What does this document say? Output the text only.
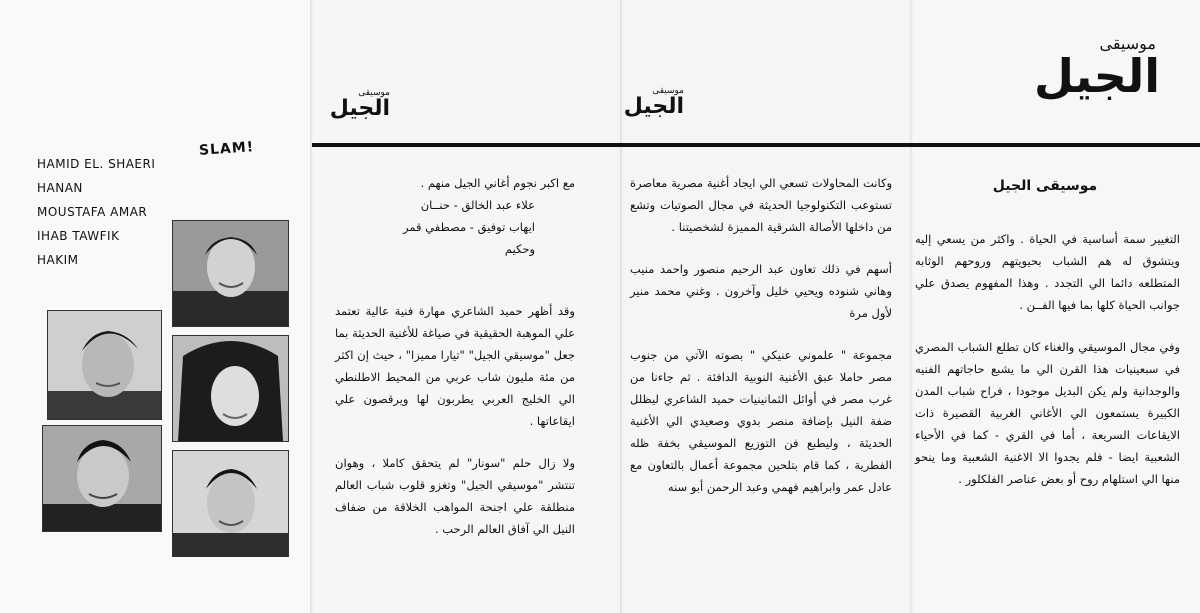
موسيقى
الجيل
موسيقى
الجيل
موسيقى
الجيل
موسيقى الجيل

التغيير سمة أساسية في الحياة . واكثر من يسعي إليه ويتشوق له هم الشباب بحيويتهم وروحهم الوثابه المتطلعه دائما الي التجدد . وهذا المفهوم يصدق علي جوانب الحياة كلها بما فيها الفــن .

وفي مجال الموسيقي والغناء كان تطلع الشباب المصري في سبعينيات هذا القرن الي ما يشبع حاجاتهم الفنيه والوجدانية ولم يكن البديل موجودا ، فراح شباب المدن الكبيرة يستمعون الي الأغاني الغربية القصيرة ذات الايقاعات السريعة ، أما في القري - كما في الأحياء الشعبية ايضا - فلم يجدوا الا الاغنية الشعبية وما ينحو منها الي استلهام روح أو بعض عناصر الفلكلور .

وكانت المحاولات تسعي الي ايجاد أغنية مصرية معاصرة تستوعب التكنولوجيا الحديثة في مجال الصوتيات وتشع من داخلها الأصالة الشرقية المميزة لشخصيتنا .

أسهم في ذلك تعاون عبد الرحيم منصور واحمد منيب وهاني شنوده ويحيي خليل وآخرون . وغني محمد منير لأول مرة

مجموعة " علموني عنيكي " بصوته الآتي من جنوب مصر حاملا عبق الأغنية النوبية الدافئة . ثم جاءنا من غرب مصر في أوائل الثمانينيات حميد الشاعري ليظلل ضفة النيل بإضافة منصر بدوي وصعيدي الي الأغنية الحديثة ، وليطبع فن التوزيع الموسيقي بخفة ظله الفطرية ، كما قام بتلحين مجموعة أعمال بالتعاون مع عادل عمر وابراهيم فهمي وعبد الرحمن أبو سنه

مع اكبر نجوم أغاني الجيل منهم .
علاء عبد الخالق - حنــان
ايهاب توفيق - مصطفي قمر
وحكيم

وقد أظهر حميد الشاعري مهارة فنية عالية تعتمد علي الموهبة الحقيقية في صياغة للأغنية الحديثة بما جعل "موسيقي الجيل" "تيارا مميزا" ، حيث إن اكثر من مئة مليون شاب عربي من المحيط الاطلنطي الي الخليج العربي يطربون لها ويرقصون علي ايقاعاتها .

ولا زال حلم "سونار" لم يتحقق كاملا ، وهوان تنتشر "موسيقي الجيل" وتغزو قلوب شباب العالم منطلقة علي اجنحة المواهب الخلاقة من ضفاف النيل الي آفاق العالم الرحب .

SLAM!
HAMID EL. SHAERI
HANAN
MOUSTAFA AMAR
IHAB TAWFIK
HAKIM
